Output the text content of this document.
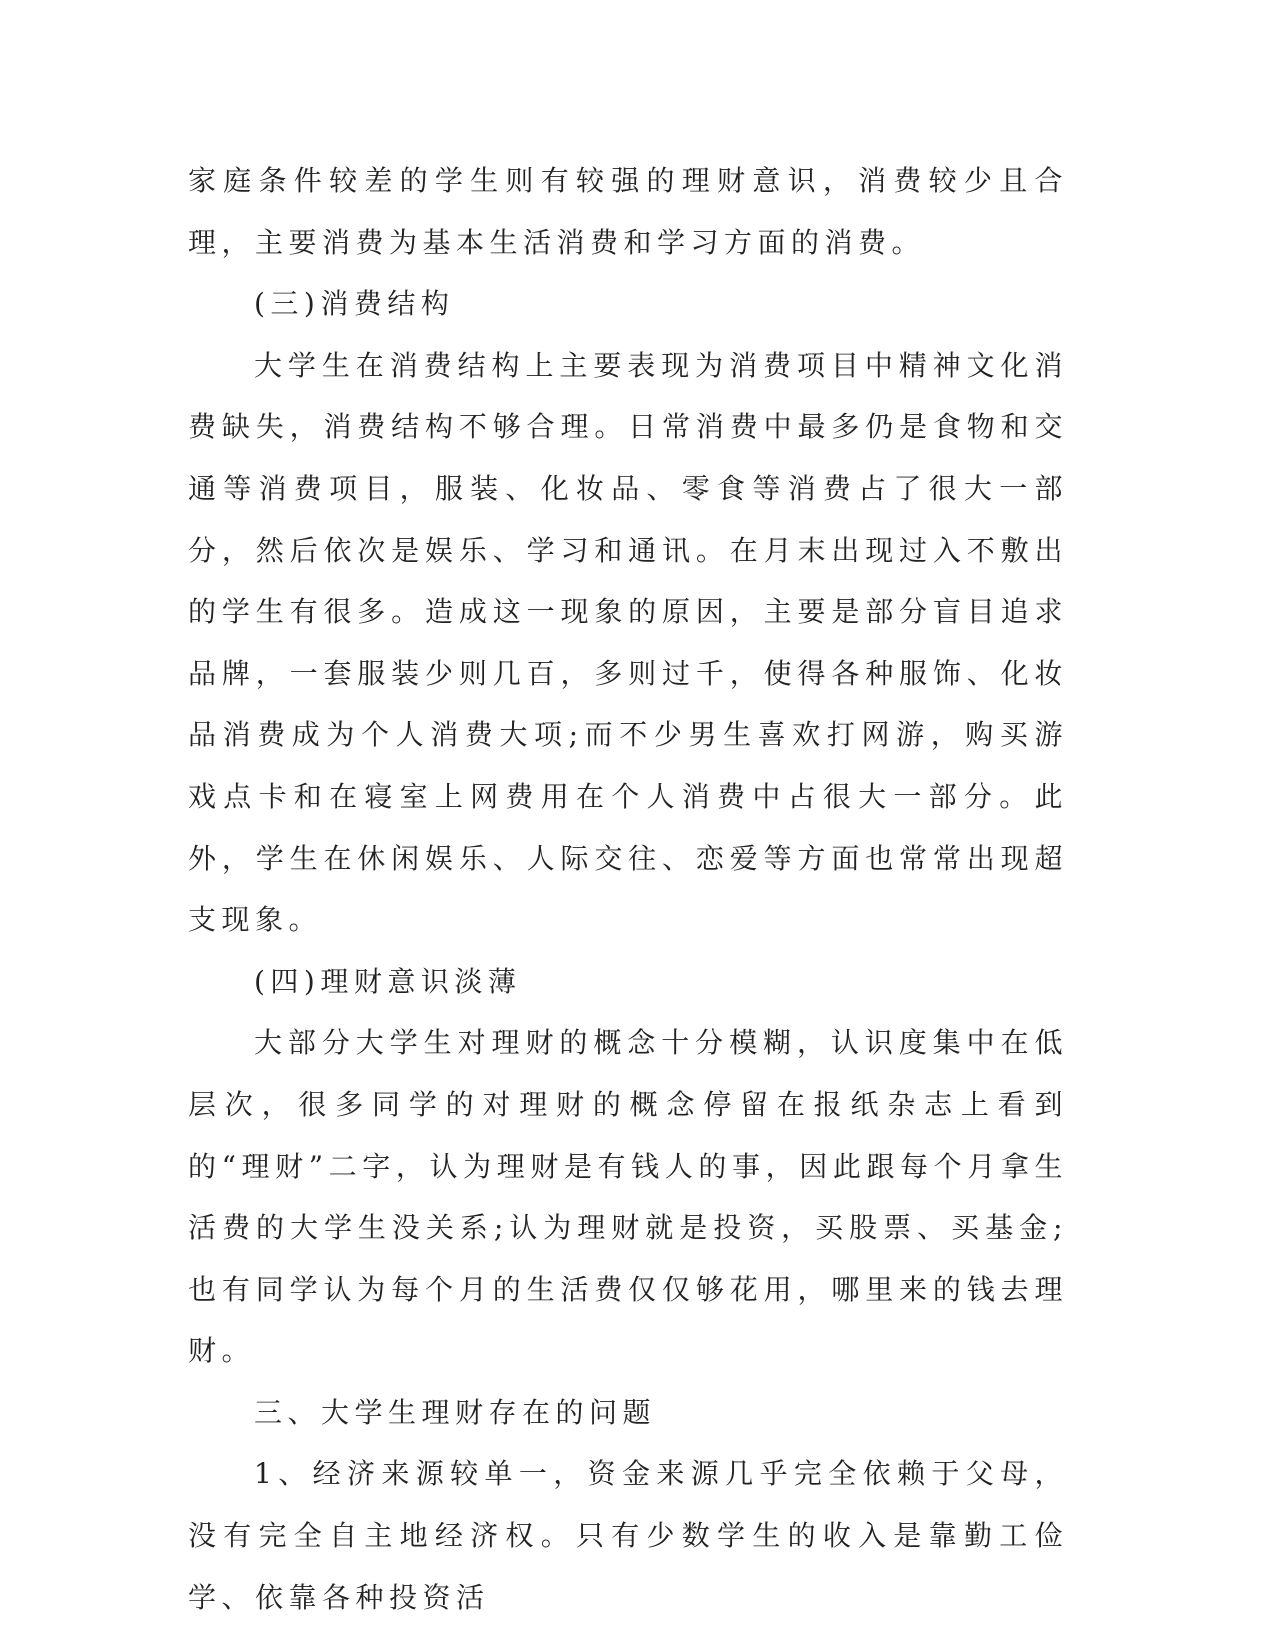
家庭条件较差的学生则有较强的理财意识，消费较少且合理，主要消费为基本生活消费和学习方面的消费。

(三)消费结构

大学生在消费结构上主要表现为消费项目中精神文化消费缺失，消费结构不够合理。日常消费中最多仍是食物和交通等消费项目，服装、化妆品、零食等消费占了很大一部分，然后依次是娱乐、学习和通讯。在月末出现过入不敷出的学生有很多。造成这一现象的原因，主要是部分盲目追求品牌，一套服装少则几百，多则过千，使得各种服饰、化妆品消费成为个人消费大项;而不少男生喜欢打网游，购买游戏点卡和在寝室上网费用在个人消费中占很大一部分。此外，学生在休闲娱乐、人际交往、恋爱等方面也常常出现超支现象。

(四)理财意识淡薄

大部分大学生对理财的概念十分模糊，认识度集中在低层次，很多同学的对理财的概念停留在报纸杂志上看到的“理财”二字，认为理财是有钱人的事，因此跟每个月拿生活费的大学生没关系;认为理财就是投资，买股票、买基金;也有同学认为每个月的生活费仅仅够花用，哪里来的钱去理财。

三、大学生理财存在的问题

1、经济来源较单一，资金来源几乎完全依赖于父母，没有完全自主地经济权。只有少数学生的收入是靠勤工俭学、依靠各种投资活
